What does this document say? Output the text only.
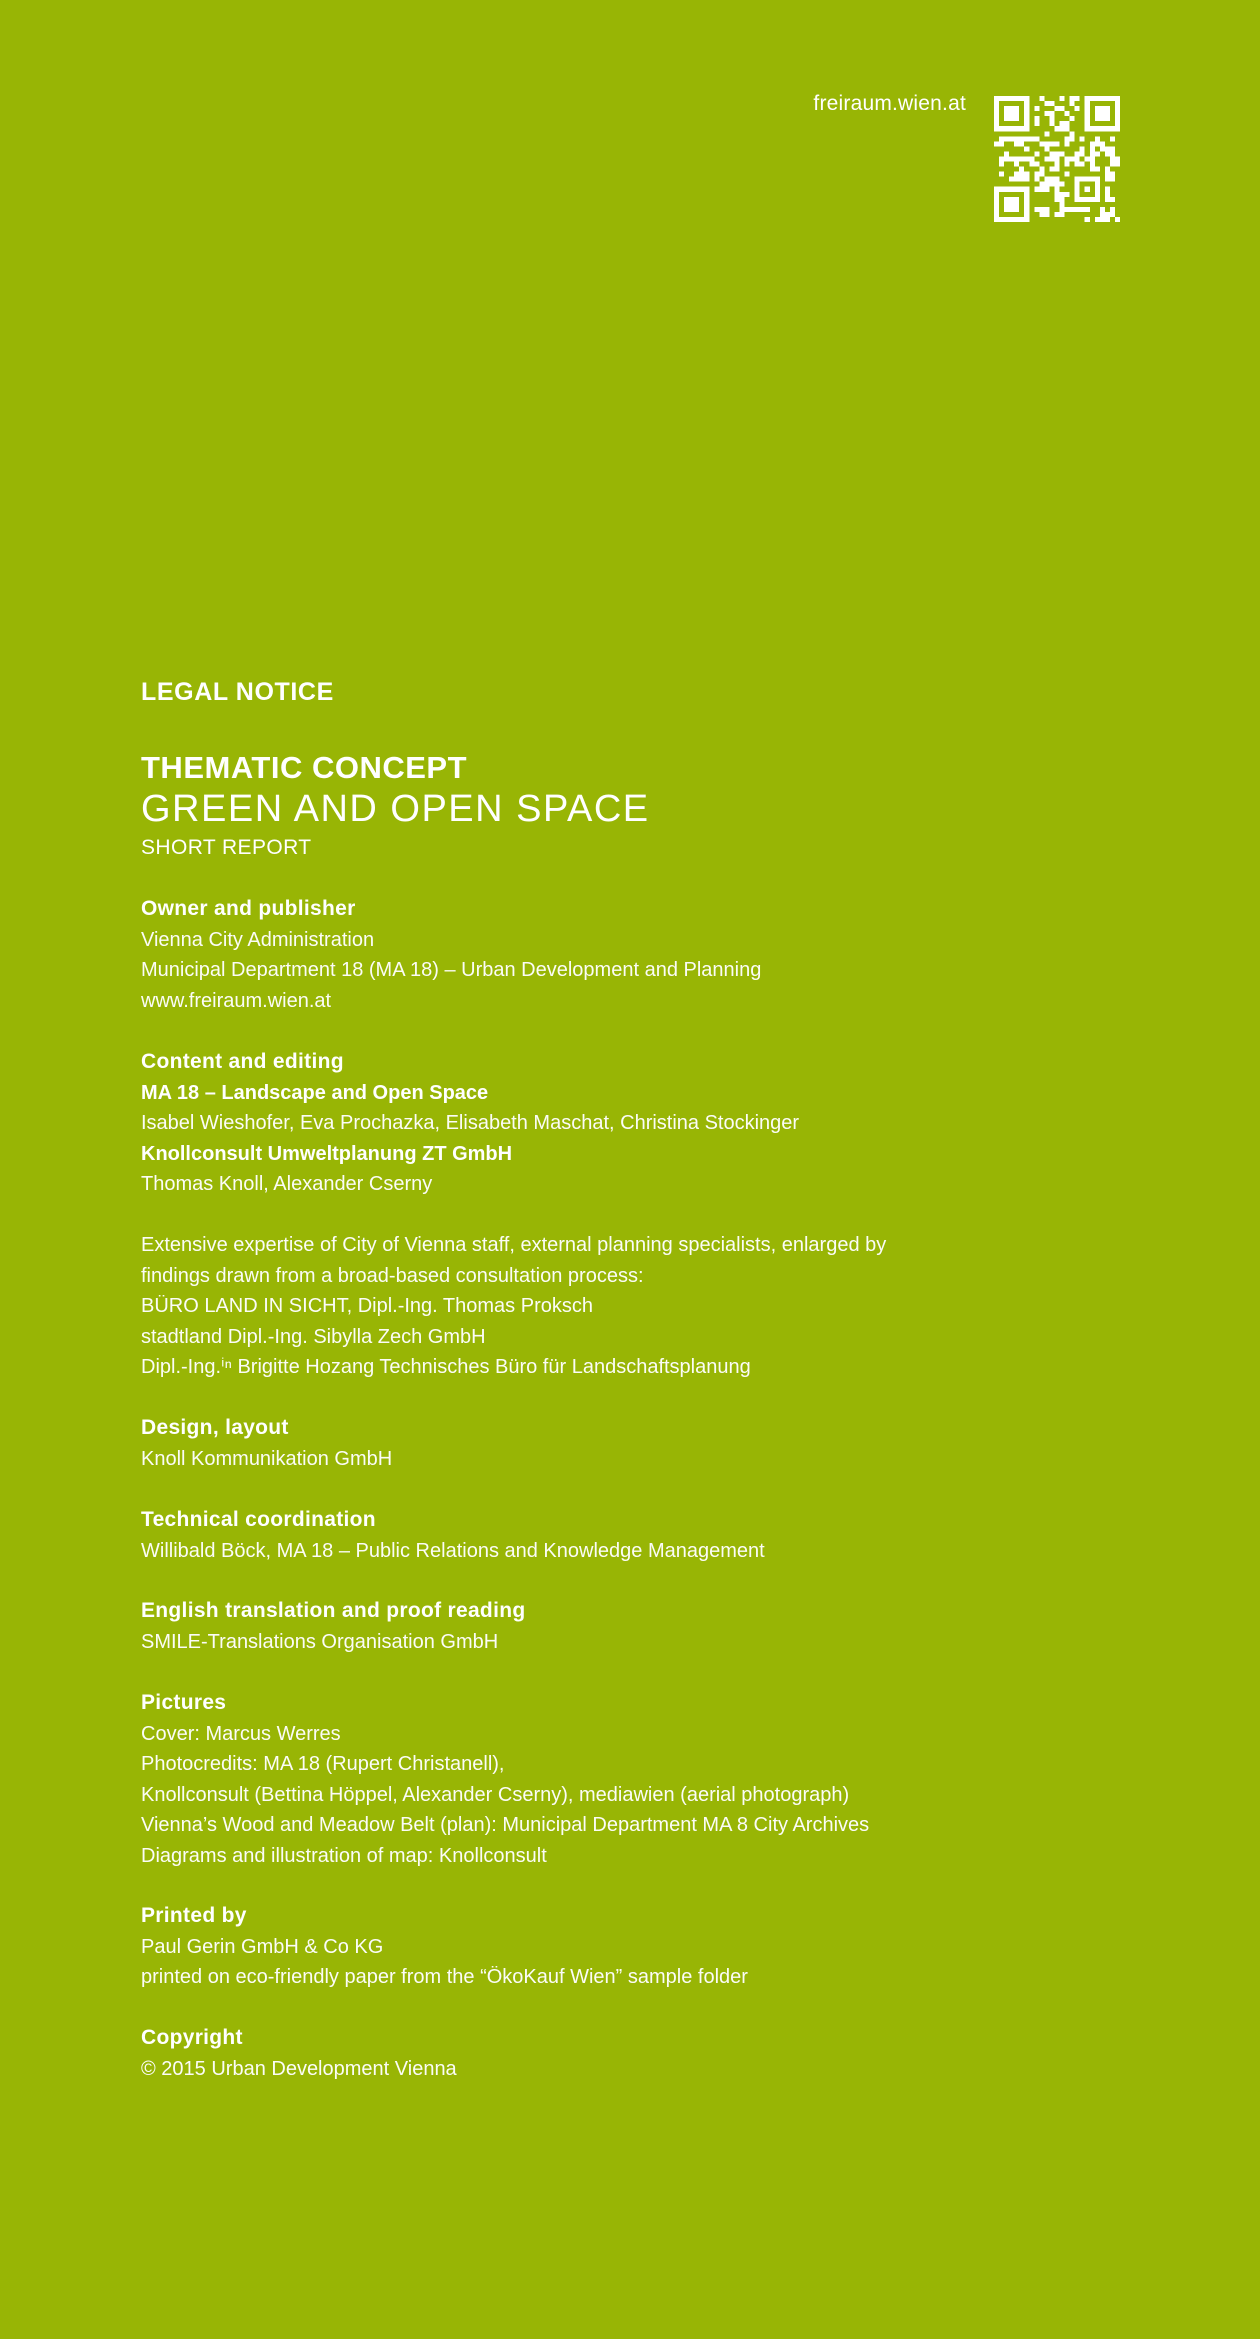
freiraum.wien.at
LEGAL NOTICE
THEMATIC CONCEPT
GREEN AND OPEN SPACE
SHORT REPORT
Owner and publisher
Vienna City Administration
Municipal Department 18 (MA 18) – Urban Development and Planning
www.freiraum.wien.at
Content and editing
MA 18 – Landscape and Open Space
Isabel Wieshofer, Eva Prochazka, Elisabeth Maschat, Christina Stockinger
Knollconsult Umweltplanung ZT GmbH
Thomas Knoll, Alexander Cserny
Extensive expertise of City of Vienna staff, external planning specialists, enlarged by
findings drawn from a broad-based consultation process:
BÜRO LAND IN SICHT, Dipl.-Ing. Thomas Proksch
stadtland Dipl.-Ing. Sibylla Zech GmbH
Dipl.-Ing.ⁱⁿ Brigitte Hozang Technisches Büro für Landschaftsplanung
Design, layout
Knoll Kommunikation GmbH
Technical coordination
Willibald Böck, MA 18 – Public Relations and Knowledge Management
English translation and proof reading
SMILE-Translations Organisation GmbH
Pictures
Cover: Marcus Werres
Photocredits: MA 18 (Rupert Christanell),
Knollconsult (Bettina Höppel, Alexander Cserny), mediawien (aerial photograph)
Vienna’s Wood and Meadow Belt (plan): Municipal Department MA 8 City Archives
Diagrams and illustration of map: Knollconsult
Printed by
Paul Gerin GmbH & Co KG
printed on eco-friendly paper from the “ÖkoKauf Wien” sample folder
Copyright
© 2015 Urban Development Vienna
